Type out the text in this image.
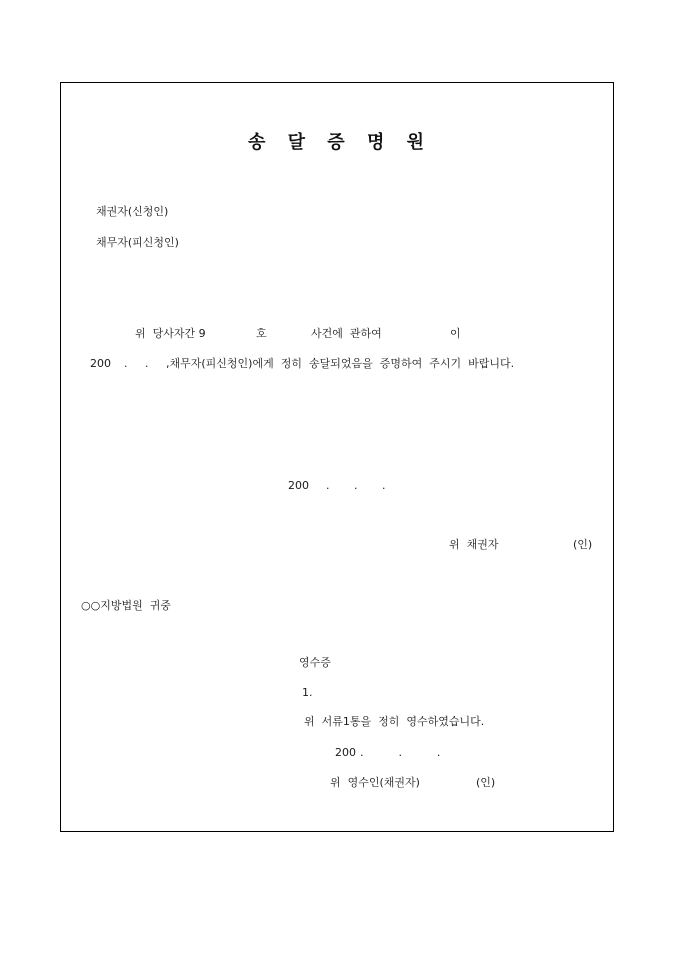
송 달 증 명 원
채권자(신청인)
채무자(피신청인)
위  당사자간 9	호	사건에  관하여	이
200 .     . ,채무자(피신청인)에게  정히  송달되었음을  증명하여  주시기  바랍니다.
200 .       .       .
위  채권자	(인)
○○지방법원  귀중
영수증
1.
위  서류1통을  정히  영수하였습니다.
200 .          .          .
위  영수인(채권자)	(인)
